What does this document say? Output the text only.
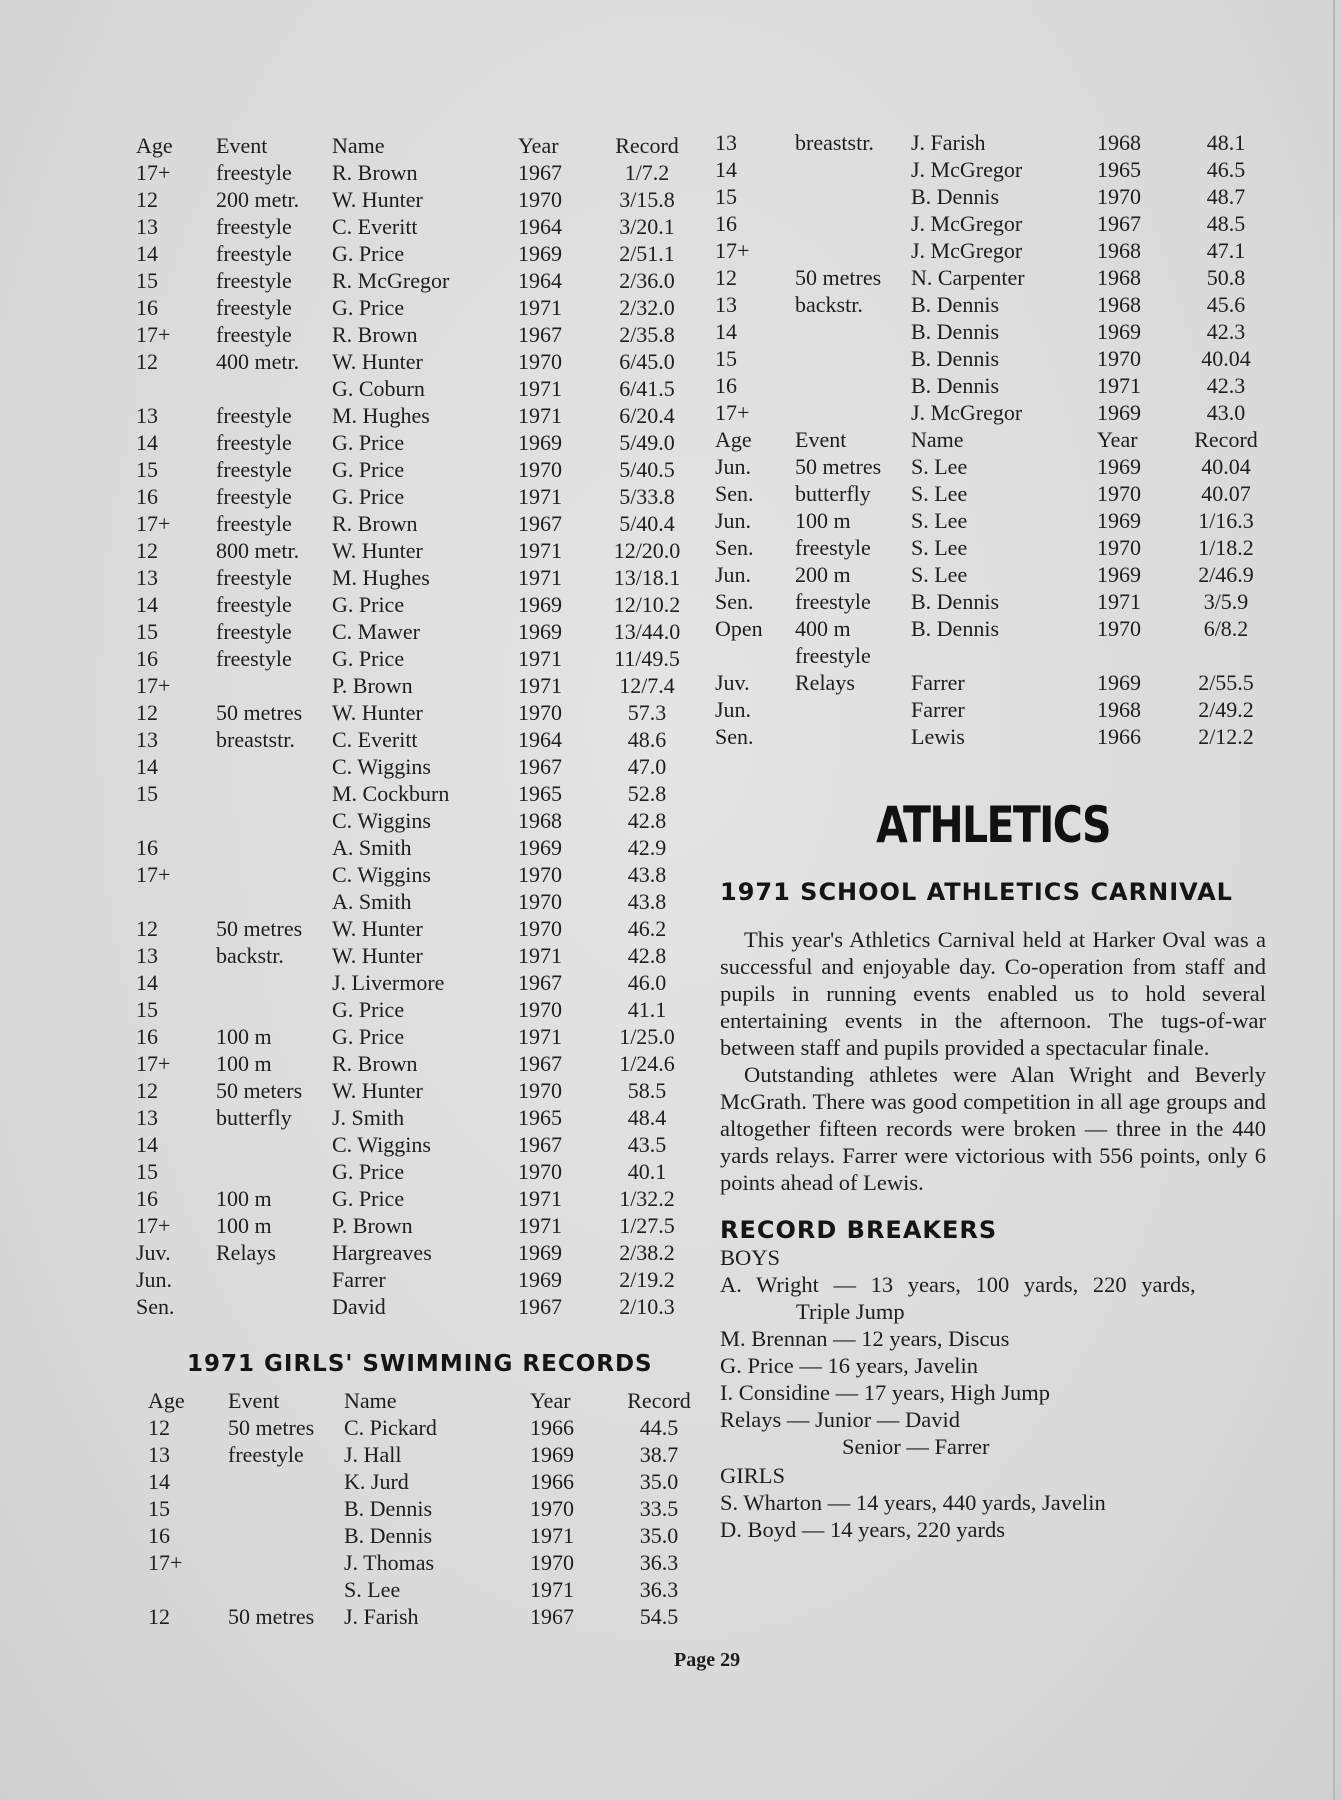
Age	Event	Name	Year	Record
17+	freestyle	R. Brown	1967	1/7.2
12	200 metr.	W. Hunter	1970	3/15.8
13	freestyle	C. Everitt	1964	3/20.1
14	freestyle	G. Price	1969	2/51.1
15	freestyle	R. McGregor	1964	2/36.0
16	freestyle	G. Price	1971	2/32.0
17+	freestyle	R. Brown	1967	2/35.8
12	400 metr.	W. Hunter	1970	6/45.0
		G. Coburn	1971	6/41.5
13	freestyle	M. Hughes	1971	6/20.4
14	freestyle	G. Price	1969	5/49.0
15	freestyle	G. Price	1970	5/40.5
16	freestyle	G. Price	1971	5/33.8
17+	freestyle	R. Brown	1967	5/40.4
12	800 metr.	W. Hunter	1971	12/20.0
13	freestyle	M. Hughes	1971	13/18.1
14	freestyle	G. Price	1969	12/10.2
15	freestyle	C. Mawer	1969	13/44.0
16	freestyle	G. Price	1971	11/49.5
17+		P. Brown	1971	12/7.4
12	50 metres	W. Hunter	1970	57.3
13	breaststr.	C. Everitt	1964	48.6
14		C. Wiggins	1967	47.0
15		M. Cockburn	1965	52.8
		C. Wiggins	1968	42.8
16		A. Smith	1969	42.9
17+		C. Wiggins	1970	43.8
		A. Smith	1970	43.8
12	50 metres	W. Hunter	1970	46.2
13	backstr.	W. Hunter	1971	42.8
14		J. Livermore	1967	46.0
15		G. Price	1970	41.1
16	100 m	G. Price	1971	1/25.0
17+	100 m	R. Brown	1967	1/24.6
12	50 meters	W. Hunter	1970	58.5
13	butterfly	J. Smith	1965	48.4
14		C. Wiggins	1967	43.5
15		G. Price	1970	40.1
16	100 m	G. Price	1971	1/32.2
17+	100 m	P. Brown	1971	1/27.5
Juv.	Relays	Hargreaves	1969	2/38.2
Jun.		Farrer	1969	2/19.2
Sen.		David	1967	2/10.3
1971 GIRLS' SWIMMING RECORDS
Age	Event	Name	Year	Record
12	50 metres	C. Pickard	1966	44.5
13	freestyle	J. Hall	1969	38.7
14		K. Jurd	1966	35.0
15		B. Dennis	1970	33.5
16		B. Dennis	1971	35.0
17+		J. Thomas	1970	36.3
		S. Lee	1971	36.3
12	50 metres	J. Farish	1967	54.5
13	breaststr.	J. Farish	1968	48.1
14		J. McGregor	1965	46.5
15		B. Dennis	1970	48.7
16		J. McGregor	1967	48.5
17+		J. McGregor	1968	47.1
12	50 metres	N. Carpenter	1968	50.8
13	backstr.	B. Dennis	1968	45.6
14		B. Dennis	1969	42.3
15		B. Dennis	1970	40.04
16		B. Dennis	1971	42.3
17+		J. McGregor	1969	43.0
Age	Event	Name	Year	Record
Jun.	50 metres	S. Lee	1969	40.04
Sen.	butterfly	S. Lee	1970	40.07
Jun.	100 m	S. Lee	1969	1/16.3
Sen.	freestyle	S. Lee	1970	1/18.2
Jun.	200 m	S. Lee	1969	2/46.9
Sen.	freestyle	B. Dennis	1971	3/5.9
Open	400 m	B. Dennis	1970	6/8.2
	freestyle			
Juv.	Relays	Farrer	1969	2/55.5
Jun.		Farrer	1968	2/49.2
Sen.		Lewis	1966	2/12.2
ATHLETICS
1971 SCHOOL ATHLETICS CARNIVAL

This year's Athletics Carnival held at Harker Oval was a successful and enjoyable day. Co-operation from staff and pupils in running events enabled us to hold several entertaining events in the afternoon. The tugs-of-war between staff and pupils provided a spectacular finale.

Outstanding athletes were Alan Wright and Beverly McGrath. There was good competition in all age groups and altogether fifteen records were broken — three in the 440 yards relays. Farrer were victorious with 556 points, only 6 points ahead of Lewis.

RECORD BREAKERS
BOYS
A. Wright — 13 years, 100 yards, 220 yards,
Triple Jump
M. Brennan — 12 years, Discus
G. Price — 16 years, Javelin
I. Considine — 17 years, High Jump
Relays — Junior — David
Senior — Farrer
GIRLS
S. Wharton — 14 years, 440 yards, Javelin
D. Boyd — 14 years, 220 yards
Page 29
